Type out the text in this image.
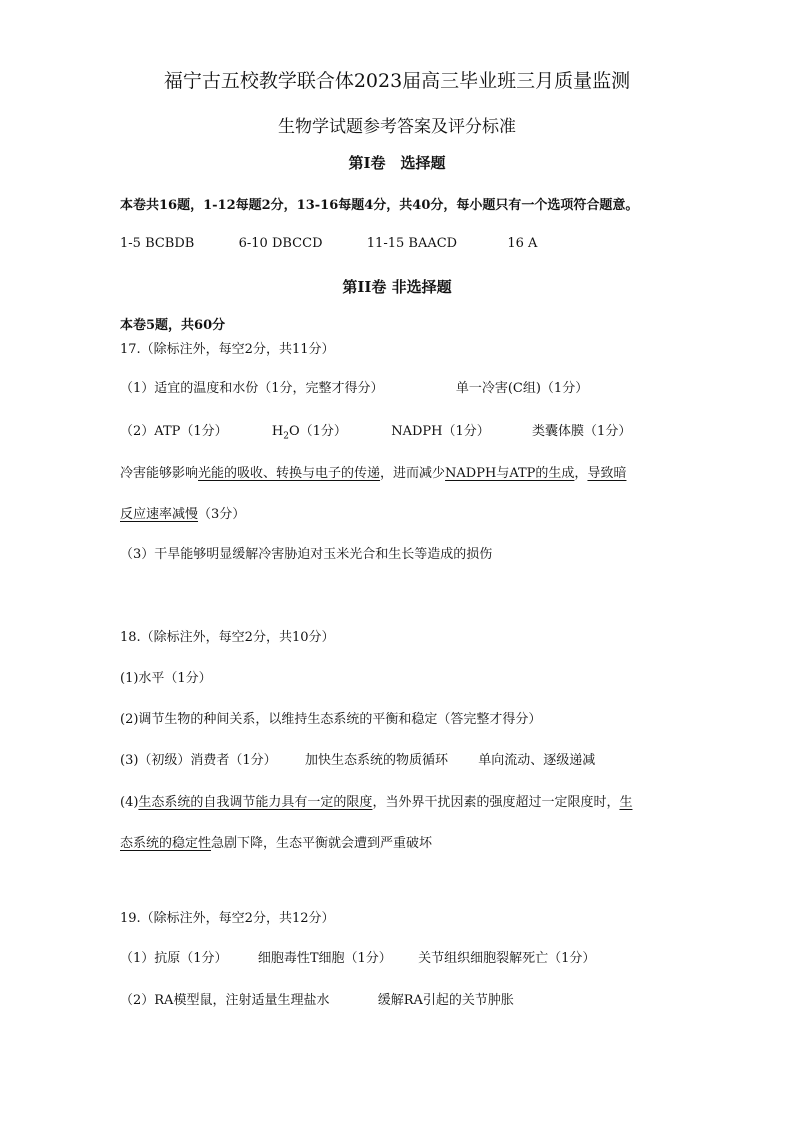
福宁古五校教学联合体2023届高三毕业班三月质量监测
生物学试题参考答案及评分标准
第Ⅰ卷　选择题
本卷共16题，1-12每题2分，13-16每题4分，共40分，每小题只有一个选项符合题意。
1-5 BCBDB	6-10 DBCCD	11-15 BAACD	16 A
第II卷 非选择题
本卷5题，共60分
17.（除标注外，每空2分，共11分）
（1）适宜的温度和水份（1分，完整才得分）	单一冷害(C组)（1分）
（2）ATP（1分）	$H_2O(1$分）	NADPH（1分）	类囊体膜（1分）
冷害能够影响光能的吸收、转换与电子的传递，进而减少NADPH与ATP的生成，导致暗
反应速率减慢（3分）
（3）干旱能够明显缓解冷害胁迫对玉米光合和生长等造成的损伤
18.（除标注外，每空2分，共10分）
(1)水平（1分）
(2)调节生物的种间关系，以维持生态系统的平衡和稳定（答完整才得分）
(3)（初级）消费者（1分） 加快生态系统的物质循环 单向流动、逐级递减
(4)生态系统的自我调节能力具有一定的限度，当外界干扰因素的强度超过一定限度时，生
态系统的稳定性急剧下降，生态平衡就会遭到严重破坏
19.（除标注外，每空2分，共12分）
（1）抗原（1分） 细胞毒性T细胞（1分） 关节组织细胞裂解死亡（1分）
（2）RA模型鼠，注射适量生理盐水	缓解RA引起的关节肿胀
